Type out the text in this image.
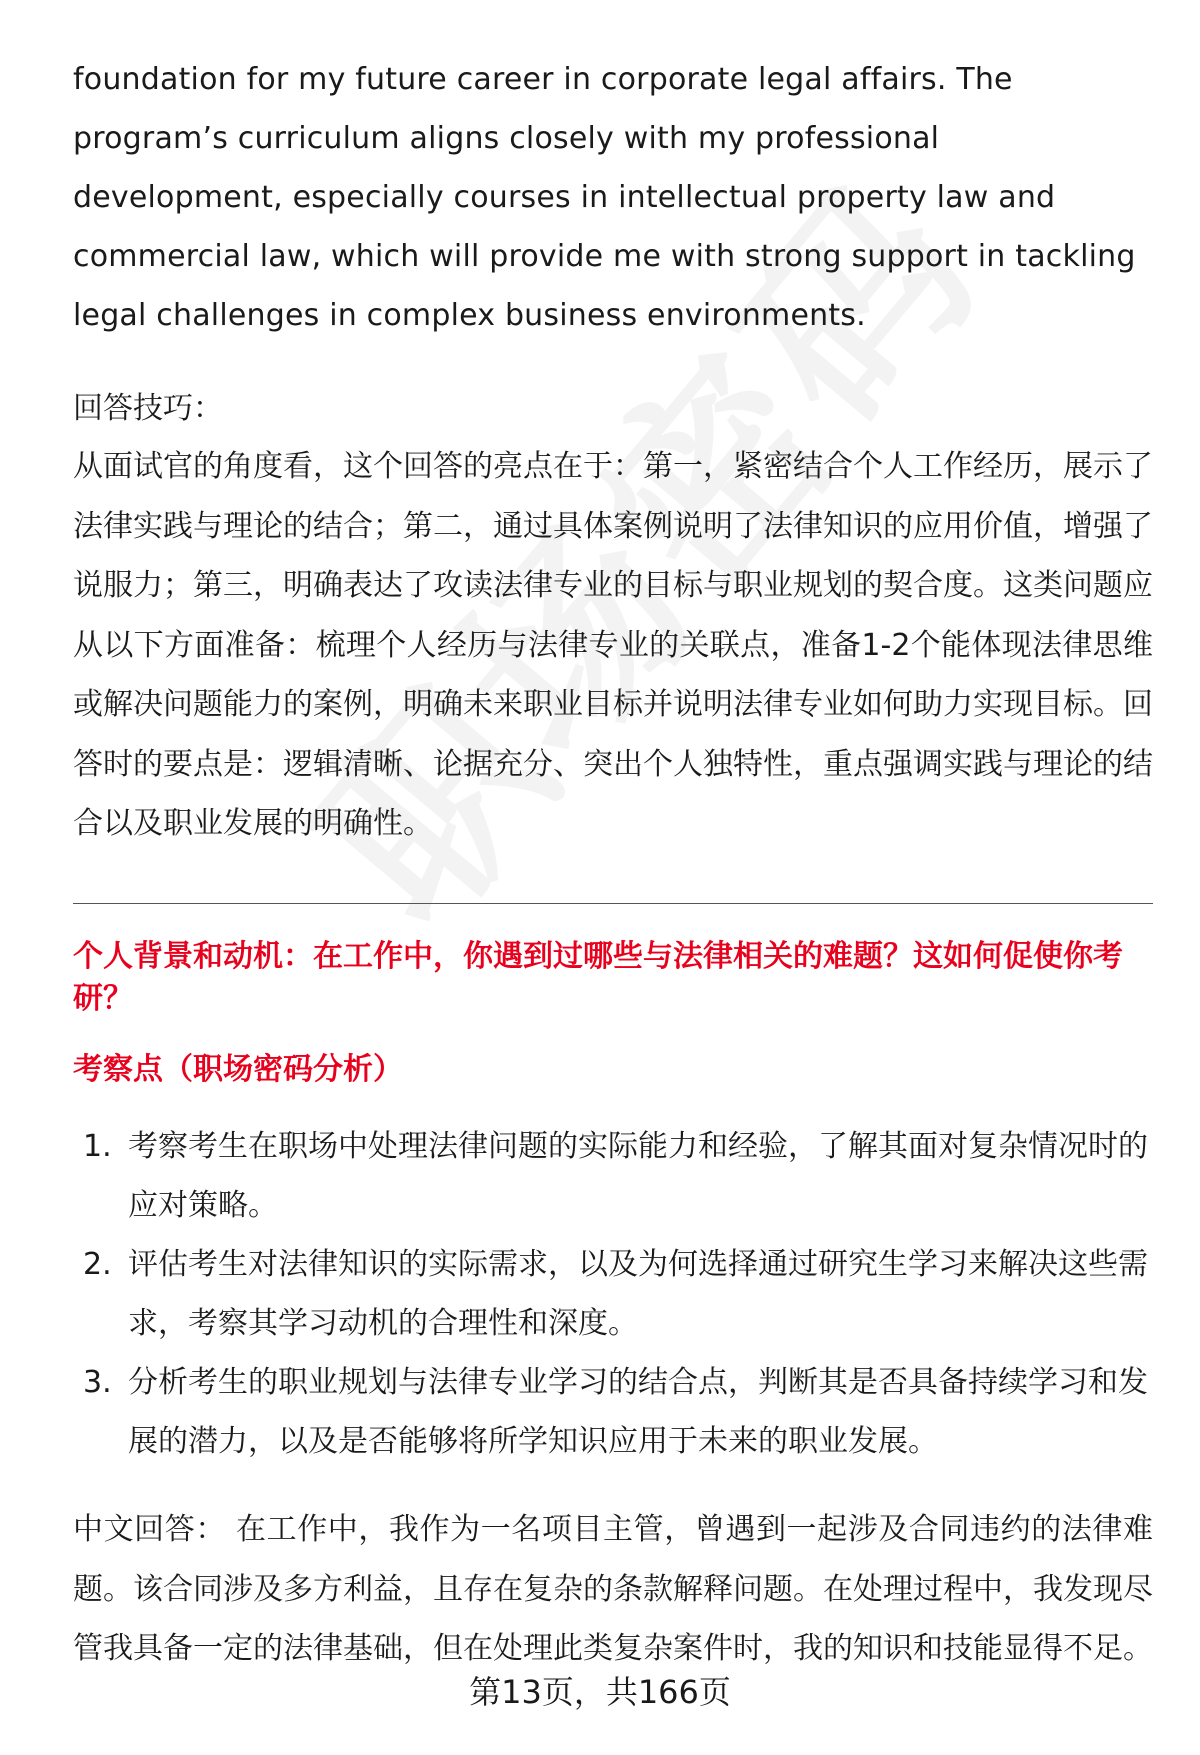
foundation for my future career in corporate legal affairs. The program’s curriculum aligns closely with my professional development, especially courses in intellectual property law and commercial law, which will provide me with strong support in tackling legal challenges in complex business environments.

回答技巧：

从面试官的角度看，这个回答的亮点在于：第一，紧密结合个人工作经历，展示了法律实践与理论的结合；第二，通过具体案例说明了法律知识的应用价值，增强了说服力；第三，明确表达了攻读法律专业的目标与职业规划的契合度。这类问题应从以下方面准备：梳理个人经历与法律专业的关联点，准备1-2个能体现法律思维或解决问题能力的案例，明确未来职业目标并说明法律专业如何助力实现目标。回答时的要点是：逻辑清晰、论据充分、突出个人独特性，重点强调实践与理论的结合以及职业发展的明确性。

个人背景和动机：在工作中，你遇到过哪些与法律相关的难题？这如何促使你考研？

考察点（职场密码分析）

1. 考察考生在职场中处理法律问题的实际能力和经验，了解其面对复杂情况时的应对策略。
2. 评估考生对法律知识的实际需求，以及为何选择通过研究生学习来解决这些需求，考察其学习动机的合理性和深度。
3. 分析考生的职业规划与法律专业学习的结合点，判断其是否具备持续学习和发展的潜力，以及是否能够将所学知识应用于未来的职业发展。

中文回答： 在工作中，我作为一名项目主管，曾遇到一起涉及合同违约的法律难题。该合同涉及多方利益，且存在复杂的条款解释问题。在处理过程中，我发现尽管我具备一定的法律基础，但在处理此类复杂案件时，我的知识和技能显得不足。

第13页，共166页
